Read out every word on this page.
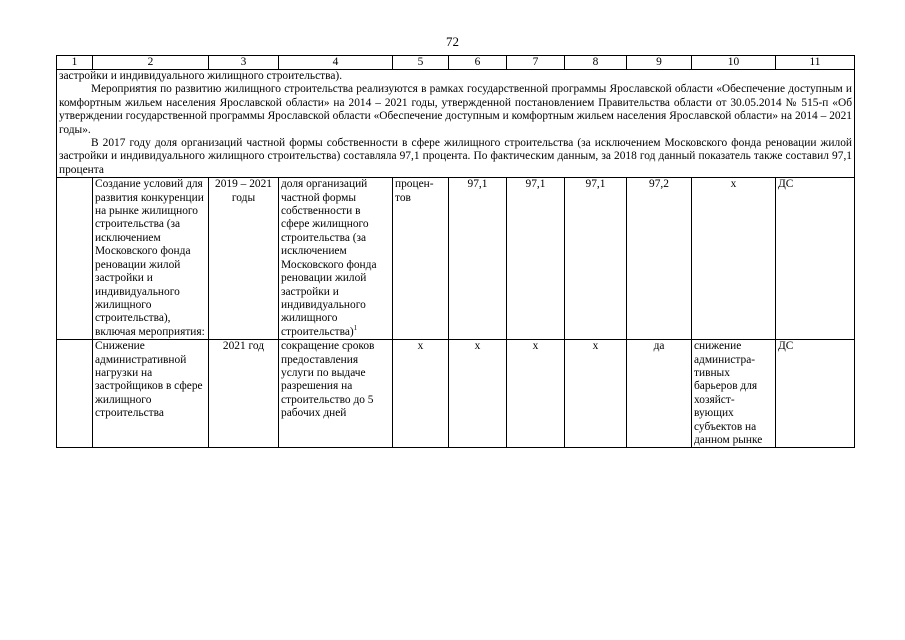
72
1	2	3	4	5	6	7	8	9	10	11

застройки и индивидуального жилищного строительства).

Мероприятия по развитию жилищного строительства реализуются в рамках государственной программы Ярославской области «Обеспечение доступным и комфортным жильем населения Ярославской области» на 2014 – 2021 годы, утвержденной постановлением Правительства области от 30.05.2014 № 515-п «Об утверждении государственной программы Ярославской области «Обеспечение доступным и комфортным жильем населения Ярославской области» на 2014 – 2021 годы».

В 2017 году доля организаций частной формы собственности в сфере жилищного строительства (за исключением Московского фонда реновации жилой застройки и индивидуального жилищного строительства) составляла 97,1 процента. По фактическим данным, за 2018 год данный показатель также составил 97,1 процента										

	Создание условий для развития конкуренции на рынке жилищного строительства (за исключением Московского фонда реновации жилой застройки и индивидуального жилищного строительства), включая мероприятия:	2019 – 2021 годы	доля организаций частной формы собственности в сфере жилищного строительства (за исключением Московского фонда реновации жилой застройки и индивидуального жилищного строительства)$^1$	процен-тов	97,1	97,1	97,1	97,2	х	ДС
	Снижение административной нагрузки на застройщиков в сфере жилищного строительства	2021 год	сокращение сроков предоставления услуги по выдаче разрешения на строительство до 5 рабочих дней	х	х	х	х	да	снижение администра-тивных барьеров для хозяйст-вующих субъектов на данном рынке	ДС
